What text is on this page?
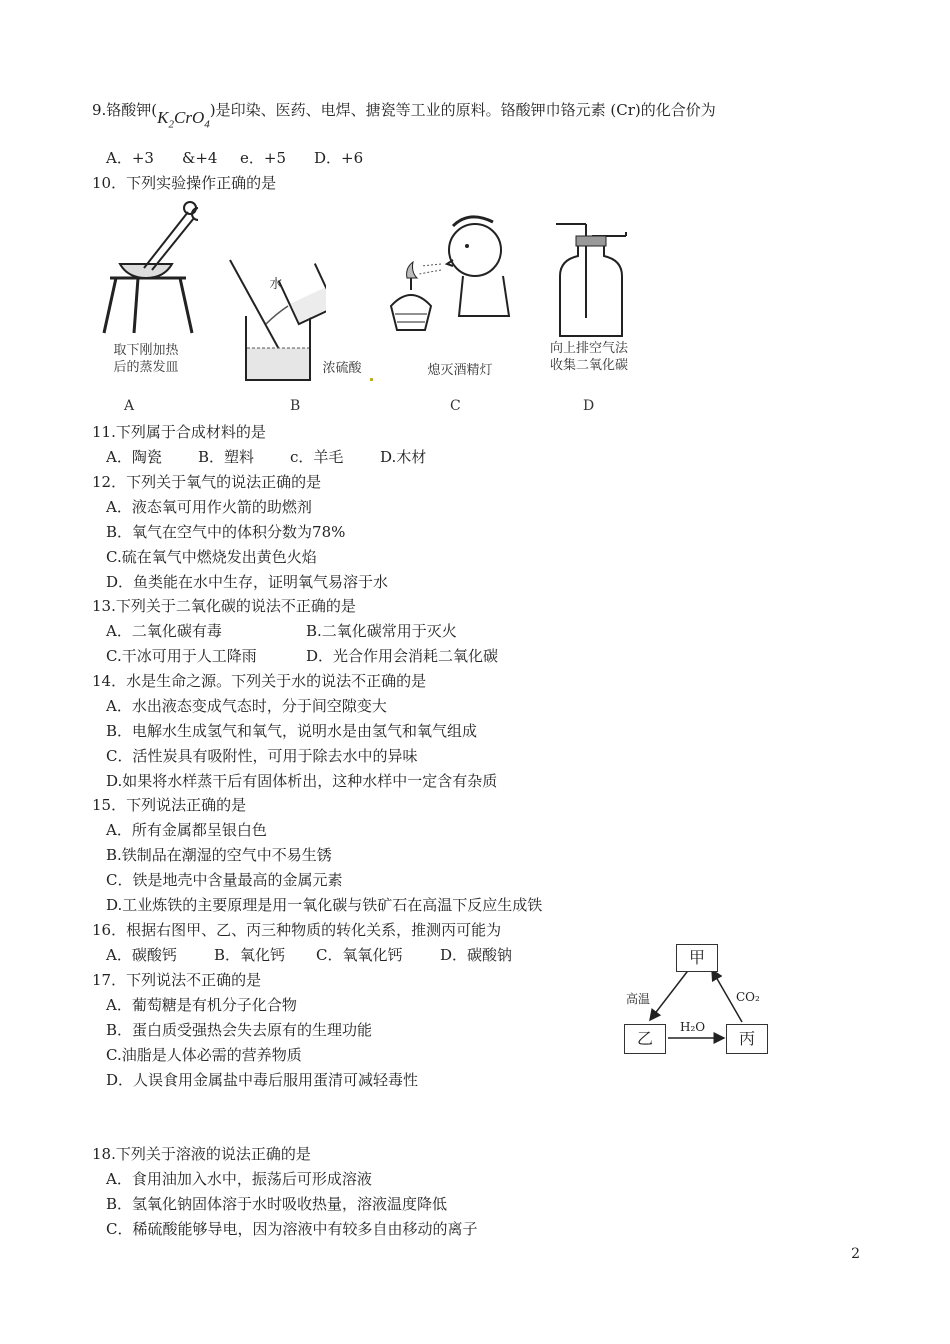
9.铬酸钾$(K_2CrO_4)$是印染、医药、电焊、搪瓷等工业的原料。铬酸钾巾铬元素 (Cr)的化合价为
A．+3 &+4 e．+5 D．+6
10．下列实验操作正确的是
取下刚加热
后的蒸发皿
水
浓硫酸	熄灭酒精灯
向上排空气法
收集二氧化碳
A	B	C	D
11.下列属于合成材料的是
A．陶瓷 B．塑料 c．羊毛 D.木材
12．下列关于氧气的说法正确的是
A．液态氧可用作火箭的助燃剂
B．氧气在空气中的体积分数为78%
C.硫在氧气中燃烧发出黄色火焰
D．鱼类能在水中生存，证明氧气易溶于水
13.下列关于二氧化碳的说法不正确的是
A．二氧化碳有毒	B.二氧化碳常用于灭火
C.干冰可用于人工降雨	D．光合作用会消耗二氧化碳
14．水是生命之源。下列关于水的说法不正确的是
A．水出液态变成气态时，分于间空隙变大
B．电解水生成氢气和氧气，说明水是由氢气和氧气组成
C．活性炭具有吸附性，可用于除去水中的异味
D.如果将水样蒸干后有固体析出，这种水样中一定含有杂质
15．下列说法正确的是
A．所有金属都呈银白色
B.铁制品在潮湿的空气中不易生锈
C．铁是地壳中含量最高的金属元素
D.工业炼铁的主要原理是用一氧化碳与铁矿石在高温下反应生成铁
16．根据右图甲、乙、丙三种物质的转化关系，推测丙可能为
A．碳酸钙 B．氧化钙 C．氧氧化钙	D．碳酸钠	甲
乙	丙
高温
H₂O
CO₂
17．下列说法不正确的是
A．葡萄糖是有机分子化合物
B．蛋白质受强热会失去原有的生理功能
C.油脂是人体必需的营养物质
D．人误食用金属盐中毒后服用蛋清可减轻毒性
18.下列关于溶液的说法正确的是
A．食用油加入水中，振荡后可形成溶液
B．氢氧化钠固体溶于水时吸收热量，溶液温度降低
C．稀硫酸能够导电，因为溶液中有较多自由移动的离子
2
